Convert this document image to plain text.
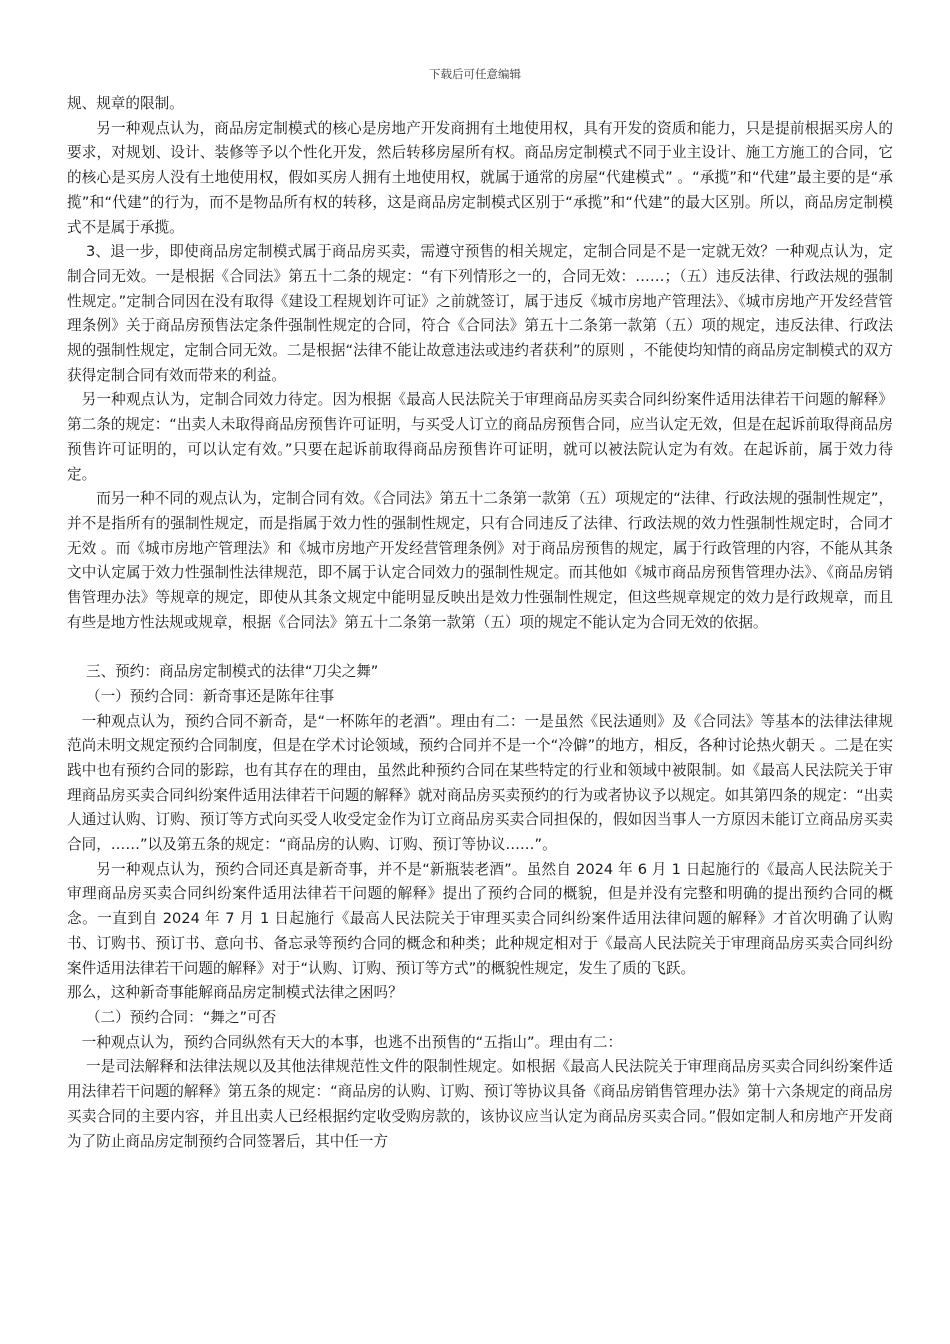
下载后可任意编辑

规、规章的限制。

另一种观点认为，商品房定制模式的核心是房地产开发商拥有土地使用权，具有开发的资质和能力，只是提前根据买房人的要求，对规划、设计、装修等予以个性化开发，然后转移房屋所有权。商品房定制模式不同于业主设计、施工方施工的合同，它的核心是买房人没有土地使用权，假如买房人拥有土地使用权，就属于通常的房屋“代建模式” 。“承揽”和“代建”最主要的是“承揽”和“代建”的行为，而不是物品所有权的转移，这是商品房定制模式区别于“承揽”和“代建”的最大区别。所以，商品房定制模式不是属于承揽。

3、退一步，即使商品房定制模式属于商品房买卖，需遵守预售的相关规定，定制合同是不是一定就无效？一种观点认为，定制合同无效。一是根据《合同法》第五十二条的规定：“有下列情形之一的，合同无效：……；（五）违反法律、行政法规的强制性规定。”定制合同因在没有取得《建设工程规划许可证》之前就签订，属于违反《城市房地产管理法》、《城市房地产开发经营管理条例》关于商品房预售法定条件强制性规定的合同，符合《合同法》第五十二条第一款第（五）项的规定，违反法律、行政法规的强制性规定，定制合同无效。二是根据“法律不能让故意违法或违约者获利”的原则 ，不能使均知情的商品房定制模式的双方获得定制合同有效而带来的利益。

另一种观点认为，定制合同效力待定。因为根据《最高人民法院关于审理商品房买卖合同纠纷案件适用法律若干问题的解释》第二条的规定：“出卖人未取得商品房预售许可证明，与买受人订立的商品房预售合同，应当认定无效，但是在起诉前取得商品房预售许可证明的，可以认定有效。”只要在起诉前取得商品房预售许可证明，就可以被法院认定为有效。在起诉前，属于效力待定。

而另一种不同的观点认为，定制合同有效。《合同法》第五十二条第一款第（五）项规定的“法律、行政法规的强制性规定”，并不是指所有的强制性规定，而是指属于效力性的强制性规定，只有合同违反了法律、行政法规的效力性强制性规定时，合同才无效 。而《城市房地产管理法》和《城市房地产开发经营管理条例》对于商品房预售的规定，属于行政管理的内容，不能从其条文中认定属于效力性强制性法律规范，即不属于认定合同效力的强制性规定。而其他如《城市商品房预售管理办法》、《商品房销售管理办法》等规章的规定，即使从其条文规定中能明显反映出是效力性强制性规定，但这些规章规定的效力是行政规章，而且有些是地方性法规或规章，根据《合同法》第五十二条第一款第（五）项的规定不能认定为合同无效的依据。

三、预约：商品房定制模式的法律“刀尖之舞”

（一）预约合同：新奇事还是陈年往事

一种观点认为，预约合同不新奇，是“一杯陈年的老酒”。理由有二：一是虽然《民法通则》及《合同法》等基本的法律法律规范尚未明文规定预约合同制度，但是在学术讨论领域，预约合同并不是一个“冷僻”的地方，相反，各种讨论热火朝天 。二是在实践中也有预约合同的影踪，也有其存在的理由，虽然此种预约合同在某些特定的行业和领域中被限制。如《最高人民法院关于审理商品房买卖合同纠纷案件适用法律若干问题的解释》就对商品房买卖预约的行为或者协议予以规定。如其第四条的规定：“出卖人通过认购、订购、预订等方式向买受人收受定金作为订立商品房买卖合同担保的，假如因当事人一方原因未能订立商品房买卖合同，……”以及第五条的规定：“商品房的认购、订购、预订等协议……”。

另一种观点认为，预约合同还真是新奇事，并不是“新瓶装老酒”。虽然自 2024 年 6 月 1 日起施行的《最高人民法院关于审理商品房买卖合同纠纷案件适用法律若干问题的解释》提出了预约合同的概貌，但是并没有完整和明确的提出预约合同的概念。一直到自 2024 年 7 月 1 日起施行《最高人民法院关于审理买卖合同纠纷案件适用法律问题的解释》才首次明确了认购书、订购书、预订书、意向书、备忘录等预约合同的概念和种类；此种规定相对于《最高人民法院关于审理商品房买卖合同纠纷案件适用法律若干问题的解释》对于“认购、订购、预订等方式”的概貌性规定，发生了质的飞跃。

那么，这种新奇事能解商品房定制模式法律之困吗？

（二）预约合同：“舞之”可否

一种观点认为，预约合同纵然有天大的本事，也逃不出预售的“五指山”。理由有二：

一是司法解释和法律法规以及其他法律规范性文件的限制性规定。如根据《最高人民法院关于审理商品房买卖合同纠纷案件适用法律若干问题的解释》第五条的规定：“商品房的认购、订购、预订等协议具备《商品房销售管理办法》第十六条规定的商品房买卖合同的主要内容，并且出卖人已经根据约定收受购房款的，该协议应当认定为商品房买卖合同。”假如定制人和房地产开发商为了防止商品房定制预约合同签署后，其中任一方
